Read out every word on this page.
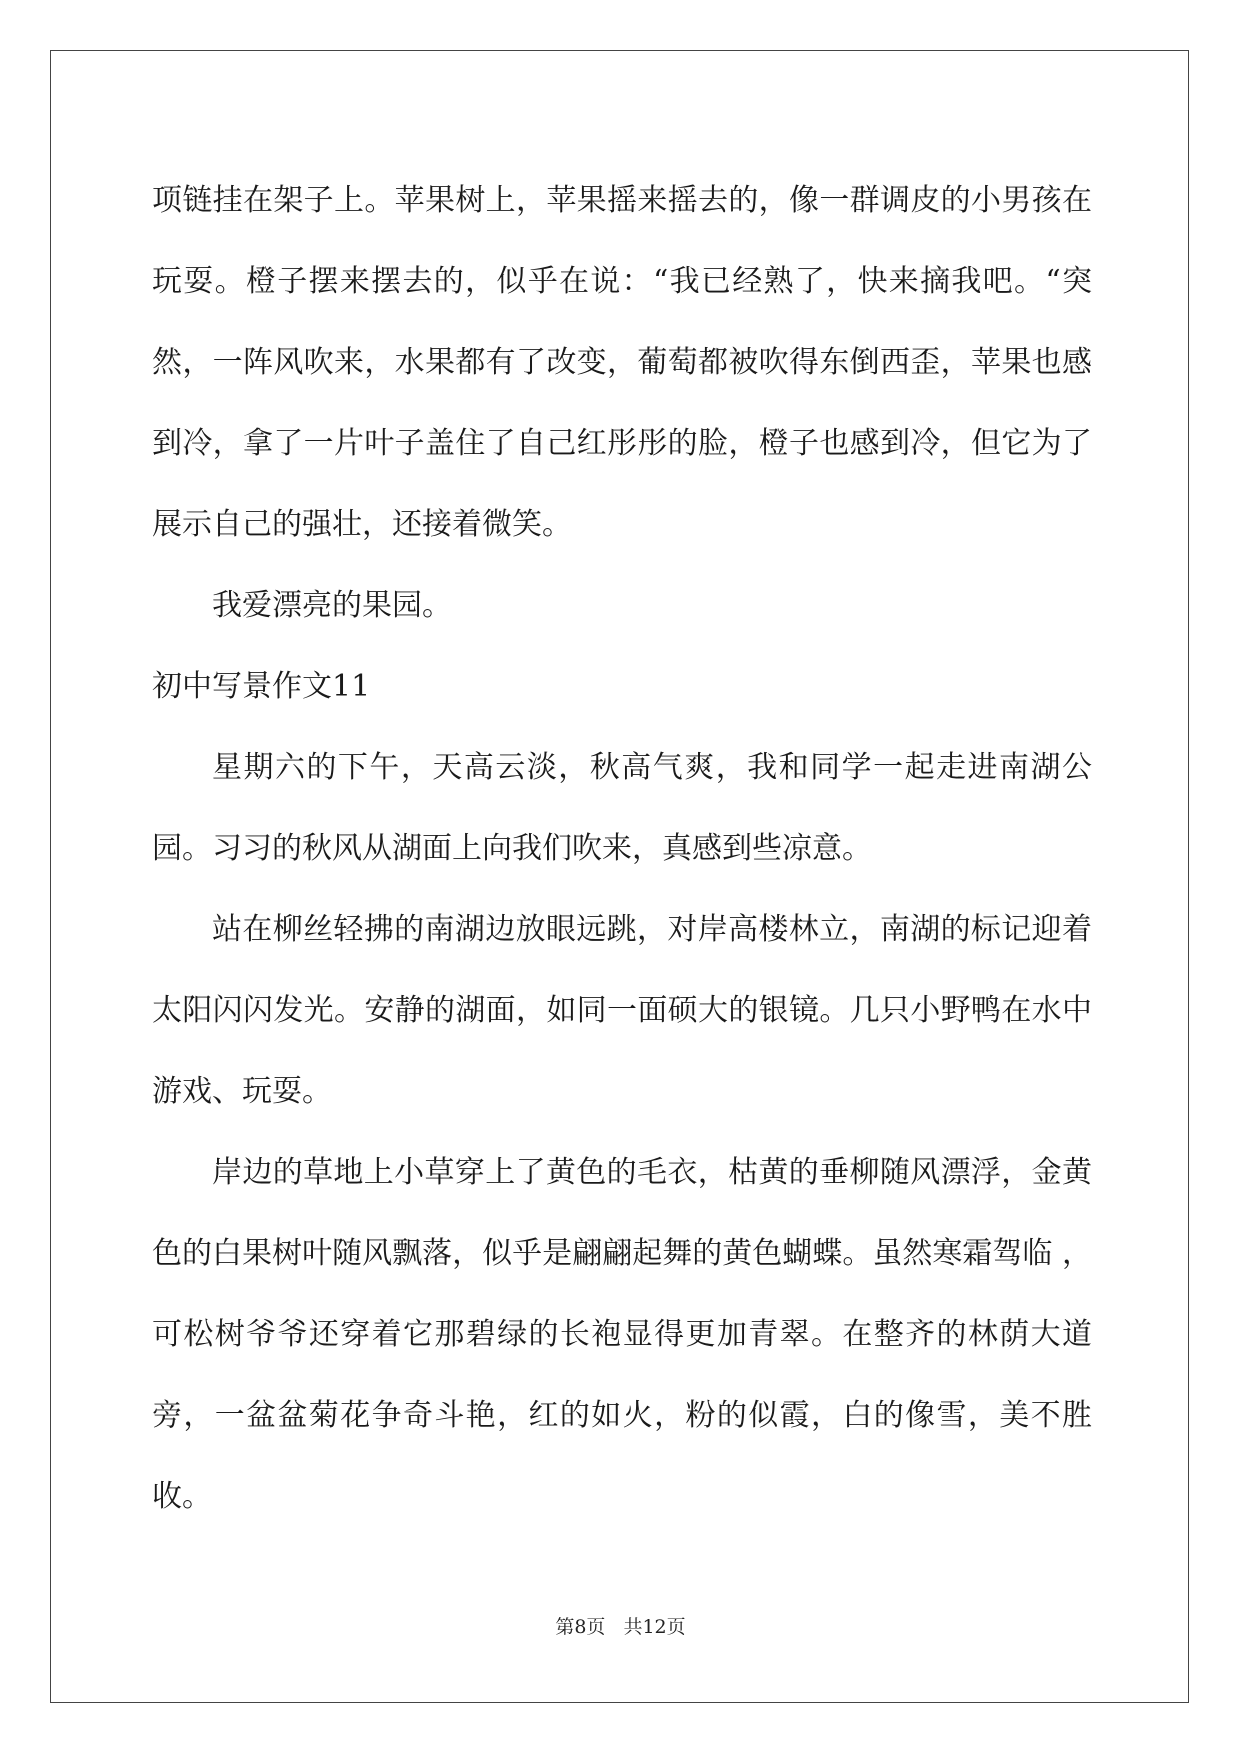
项链挂在架子上。苹果树上，苹果摇来摇去的，像一群调皮的小男孩在玩耍。橙子摆来摆去的，似乎在说：“我已经熟了，快来摘我吧。“突然，一阵风吹来，水果都有了改变，葡萄都被吹得东倒西歪，苹果也感到冷，拿了一片叶子盖住了自己红彤彤的脸，橙子也感到冷，但它为了展示自己的强壮，还接着微笑。

我爱漂亮的果园。

初中写景作文11

星期六的下午，天高云淡，秋高气爽，我和同学一起走进南湖公园。习习的秋风从湖面上向我们吹来，真感到些凉意。

站在柳丝轻拂的南湖边放眼远跳，对岸高楼林立，南湖的标记迎着太阳闪闪发光。安静的湖面，如同一面硕大的银镜。几只小野鸭在水中游戏、玩耍。

岸边的草地上小草穿上了黄色的毛衣，枯黄的垂柳随风漂浮，金黄色的白果树叶随风飘落，似乎是翩翩起舞的黄色蝴蝶。虽然寒霜驾临 ，可松树爷爷还穿着它那碧绿的长袍显得更加青翠。在整齐的林荫大道旁，一盆盆菊花争奇斗艳，红的如火，粉的似霞，白的像雪，美不胜收。

第8页 共12页
